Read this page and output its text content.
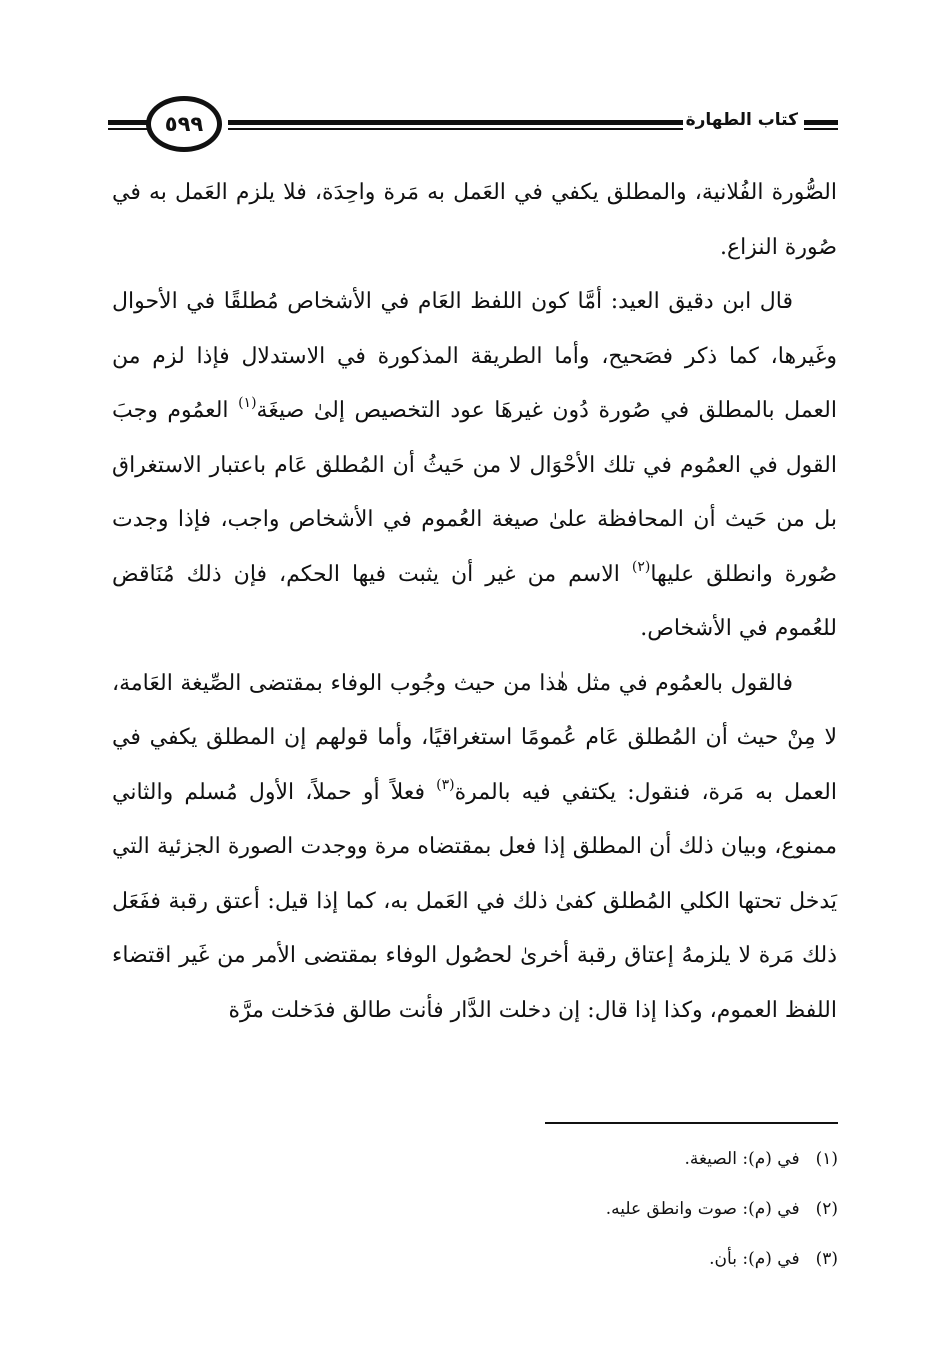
٥٩٩	كتاب الطهارة

الصُّورة الفُلانية، والمطلق يكفي في العَمل به مَرة واحِدَة، فلا يلزم العَمل به في صُورة النزاع.

قال ابن دقيق العيد: أمَّا كون اللفظ العَام في الأشخاص مُطلقًا في الأحوال وغَيرها، كما ذكر فصَحيح، وأما الطريقة المذكورة في الاستدلال فإذا لزم من العمل بالمطلق في صُورة دُون غيرهَا عود التخصيص إلىٰ صيغَة$^{(١)}$ العمُوم وجبَ القول في العمُوم في تلك الأحْوَال لا من حَيثُ أن المُطلق عَام باعتبار الاستغراق بل من حَيث أن المحافظة علىٰ صيغة العُموم في الأشخاص واجب، فإذا وجدت صُورة وانطلق عليها$^{(٢)}$ الاسم من غير أن يثبت فيها الحكم، فإن ذلك مُنَاقض للعُموم في الأشخاص.

فالقول بالعمُوم في مثل هٰذا من حيث وجُوب الوفاء بمقتضى الصِّيغة العَامة، لا مِنْ حيث أن المُطلق عَام عُمومًا استغراقيًا، وأما قولهم إن المطلق يكفي في العمل به مَرة، فنقول: يكتفي فيه بالمرة$^{(٣)}$ فعلاً أو حملاً، الأول مُسلم والثاني ممنوع، وبيان ذلك أن المطلق إذا فعل بمقتضاه مرة ووجدت الصورة الجزئية التي يَدخل تحتها الكلي المُطلق كفىٰ ذلك في العَمل به، كما إذا قيل: أعتق رقبة ففَعَل ذلك مَرة لا يلزمهُ إعتاق رقبة أخرىٰ لحصُول الوفاء بمقتضى الأمر من غَير اقتضاء اللفظ العموم، وكذا إذا قال: إن دخلت الدَّار فأنت طالق فدَخلت مرَّة

(١)في (م): الصيغة.
(٢)في (م): صوت وانطق عليه.
(٣)في (م): بأن.
